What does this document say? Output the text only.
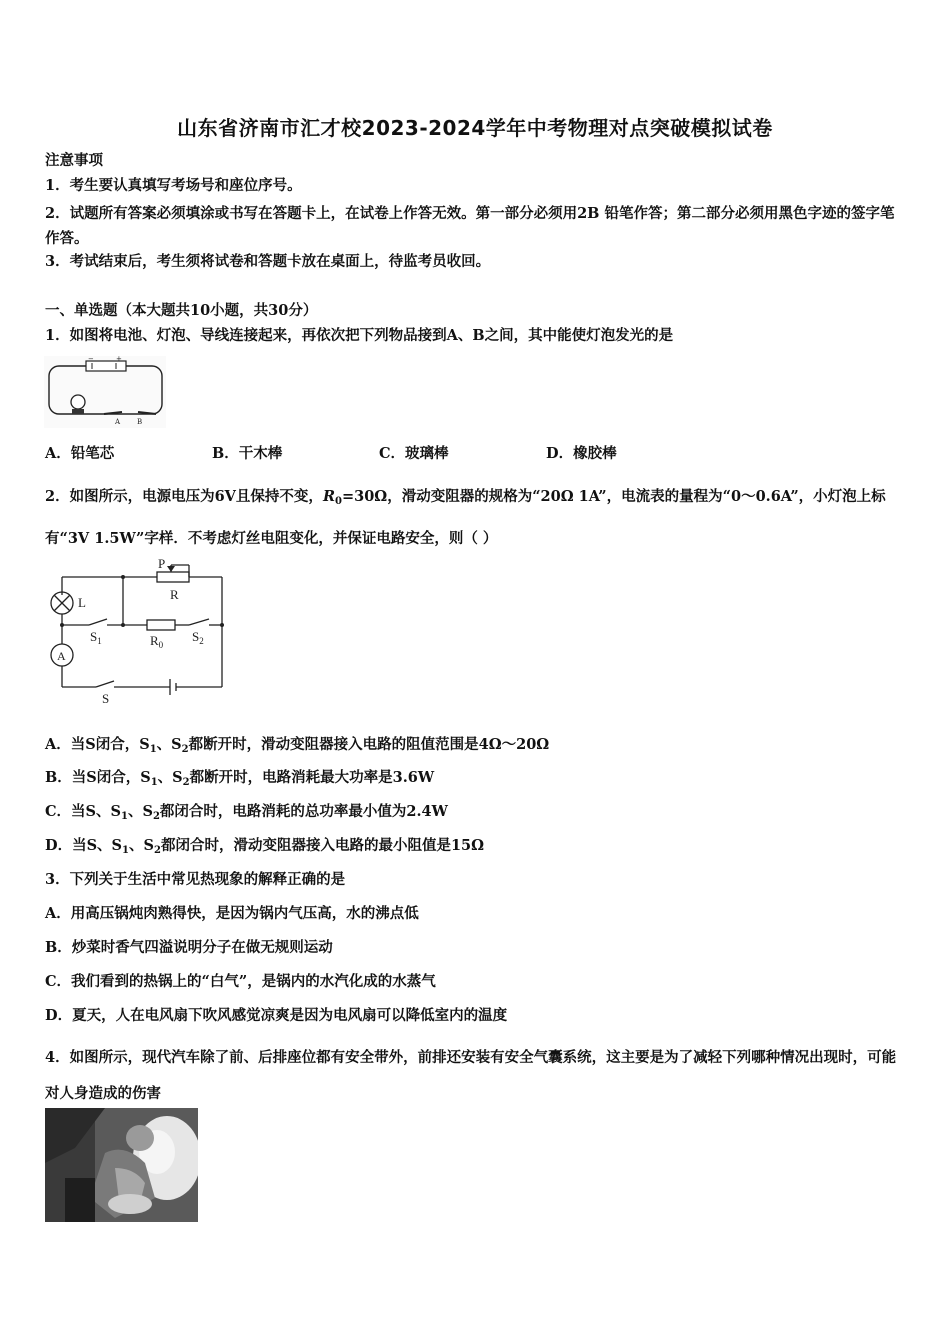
山东省济南市汇才校2023-2024学年中考物理对点突破模拟试卷
注意事项
1．考生要认真填写考场号和座位序号。
2．试题所有答案必须填涂或书写在答题卡上，在试卷上作答无效。第一部分必须用2B 铅笔作答；第二部分必须用黑色字迹的签字笔作答。
3．考试结束后，考生须将试卷和答题卡放在桌面上，待监考员收回。
一、单选题（本大题共10小题，共30分）
1．如图将电池、灯泡、导线连接起来，再依次把下列物品接到A、B之间，其中能使灯泡发光的是
−	+
A B
A．铅笔芯	B．干木棒	C．玻璃棒	D．橡胶棒
2．如图所示，电源电压为6V且保持不变，$R_0=30\Omega$，滑动变阻器的规格为“20Ω 1A”，电流表的量程为“0～0.6A”，小灯泡上标有“3V 1.5W”字样．不考虑灯丝电阻变化，并保证电路安全，则（ ）
P
R
L
$S_1$	$R_0$
$S_2$
A
S
A．当S闭合，$S_1$、$S_2$都断开时，滑动变阻器接入电路的阻值范围是4Ω～20Ω
B．当S闭合，$S_1$、$S_2$都断开时，电路消耗最大功率是3.6W
C．当S、$S_1$、$S_2$都闭合时，电路消耗的总功率最小值为2.4W
D．当S、$S_1$、$S_2$都闭合时，滑动变阻器接入电路的最小阻值是15Ω
3．下列关于生活中常见热现象的解释正确的是
A．用高压锅炖肉熟得快，是因为锅内气压高，水的沸点低
B．炒菜时香气四溢说明分子在做无规则运动
C．我们看到的热锅上的“白气”，是锅内的水汽化成的水蒸气
D．夏天，人在电风扇下吹风感觉凉爽是因为电风扇可以降低室内的温度
4．如图所示，现代汽车除了前、后排座位都有安全带外，前排还安装有安全气囊系统，这主要是为了减轻下列哪种情况出现时，可能对人身造成的伤害
